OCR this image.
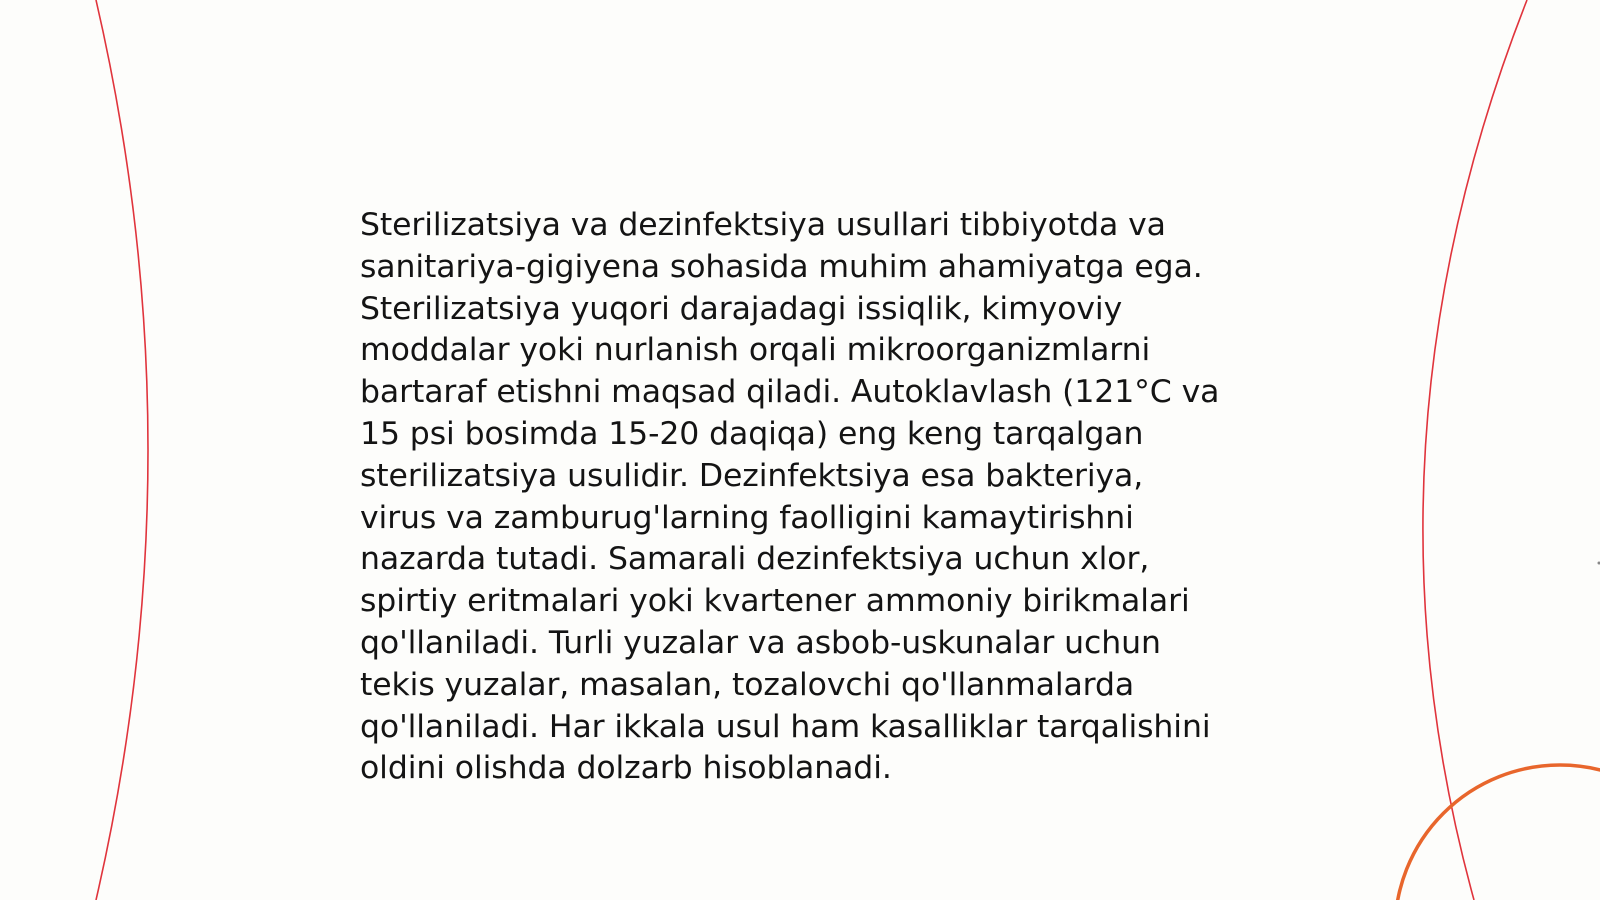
Sterilizatsiya va dezinfektsiya usullari tibbiyotda va
sanitariya-gigiyena sohasida muhim ahamiyatga ega.
Sterilizatsiya yuqori darajadagi issiqlik, kimyoviy
moddalar yoki nurlanish orqali mikroorganizmlarni
bartaraf etishni maqsad qiladi. Autoklavlash (121°C va
15 psi bosimda 15-20 daqiqa) eng keng tarqalgan
sterilizatsiya usulidir. Dezinfektsiya esa bakteriya,
virus va zamburug'larning faolligini kamaytirishni
nazarda tutadi. Samarali dezinfektsiya uchun xlor,
spirtiy eritmalari yoki kvartener ammoniy birikmalari
qo'llaniladi. Turli yuzalar va asbob-uskunalar uchun
tekis yuzalar, masalan, tozalovchi qo'llanmalarda
qo'llaniladi. Har ikkala usul ham kasalliklar tarqalishini
oldini olishda dolzarb hisoblanadi.
